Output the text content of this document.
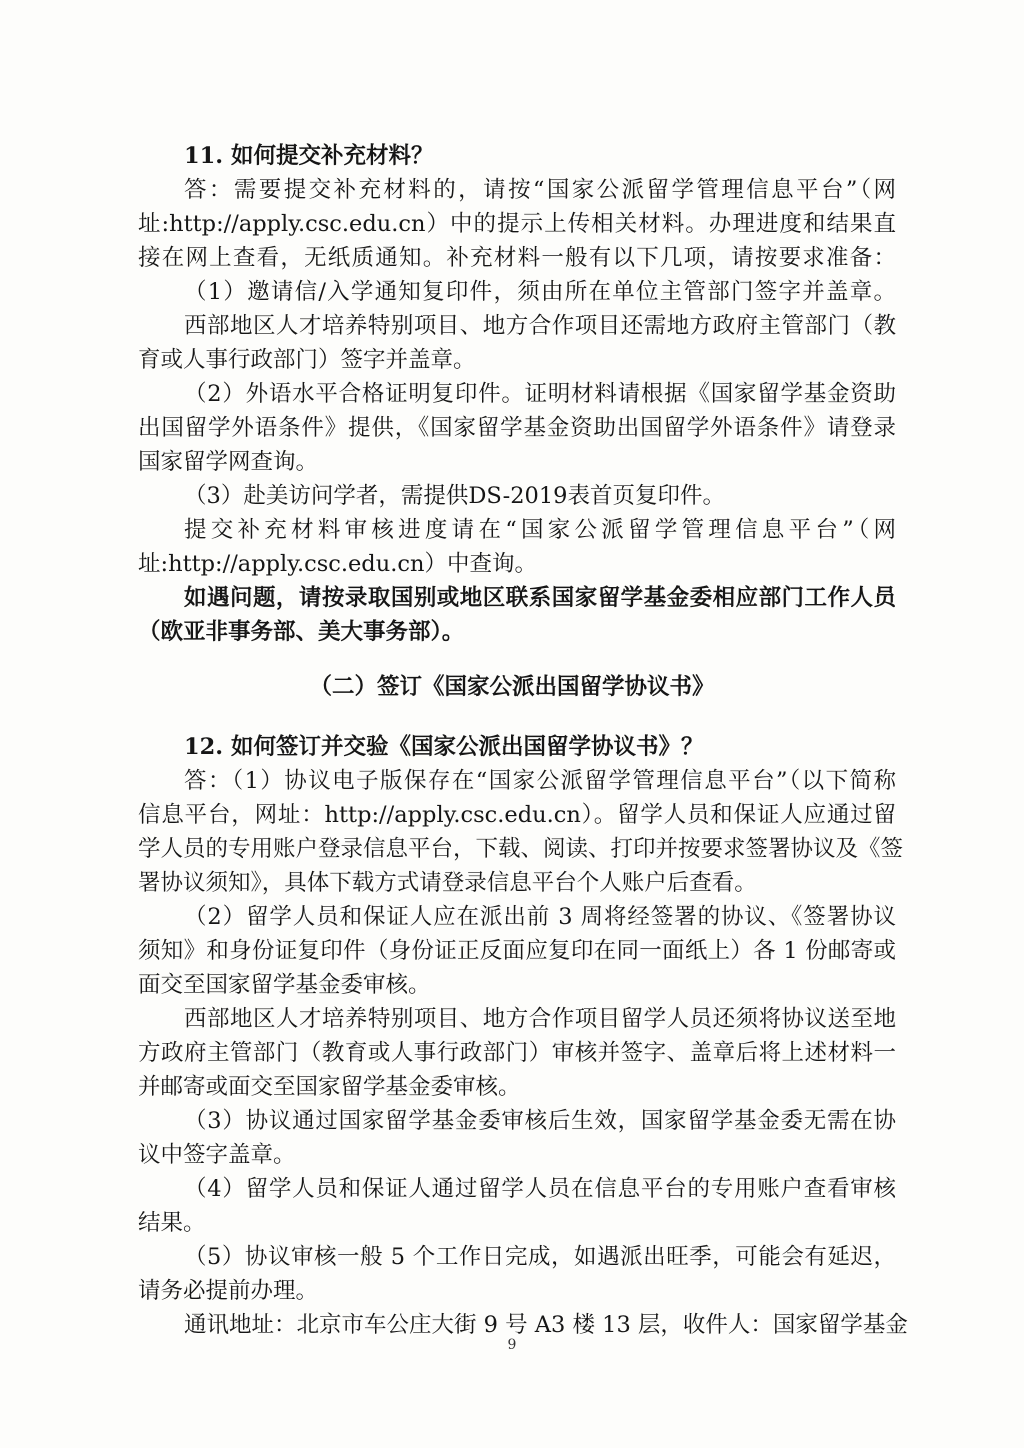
11. 如何提交补充材料？
答：需要提交补充材料的，请按“国家公派留学管理信息平台”（网
址:http://apply.csc.edu.cn）中的提示上传相关材料。办理进度和结果直
接在网上查看，无纸质通知。补充材料一般有以下几项，请按要求准备：
（1）邀请信/入学通知复印件，须由所在单位主管部门签字并盖章。
西部地区人才培养特别项目、地方合作项目还需地方政府主管部门（教
育或人事行政部门）签字并盖章。
（2）外语水平合格证明复印件。证明材料请根据《国家留学基金资助
出国留学外语条件》提供，《国家留学基金资助出国留学外语条件》请登录
国家留学网查询。
（3）赴美访问学者，需提供DS-2019表首页复印件。
提交补充材料审核进度请在“国家公派留学管理信息平台”（网
址:http://apply.csc.edu.cn）中查询。
如遇问题，请按录取国别或地区联系国家留学基金委相应部门工作人员
（欧亚非事务部、美大事务部）。
（二）签订《国家公派出国留学协议书》
12. 如何签订并交验《国家公派出国留学协议书》？
答：（1）协议电子版保存在“国家公派留学管理信息平台”（以下简称
信息平台，网址：http://apply.csc.edu.cn）。留学人员和保证人应通过留
学人员的专用账户登录信息平台，下载、阅读、打印并按要求签署协议及《签
署协议须知》，具体下载方式请登录信息平台个人账户后查看。
（2）留学人员和保证人应在派出前 3 周将经签署的协议、《签署协议
须知》和身份证复印件（身份证正反面应复印在同一面纸上）各 1 份邮寄或
面交至国家留学基金委审核。
西部地区人才培养特别项目、地方合作项目留学人员还须将协议送至地
方政府主管部门（教育或人事行政部门）审核并签字、盖章后将上述材料一
并邮寄或面交至国家留学基金委审核。
（3）协议通过国家留学基金委审核后生效，国家留学基金委无需在协
议中签字盖章。
（4）留学人员和保证人通过留学人员在信息平台的专用账户查看审核
结果。
（5）协议审核一般 5 个工作日完成，如遇派出旺季，可能会有延迟，
请务必提前办理。
通讯地址：北京市车公庄大街 9 号 A3 楼 13 层，收件人：国家留学基金
9
